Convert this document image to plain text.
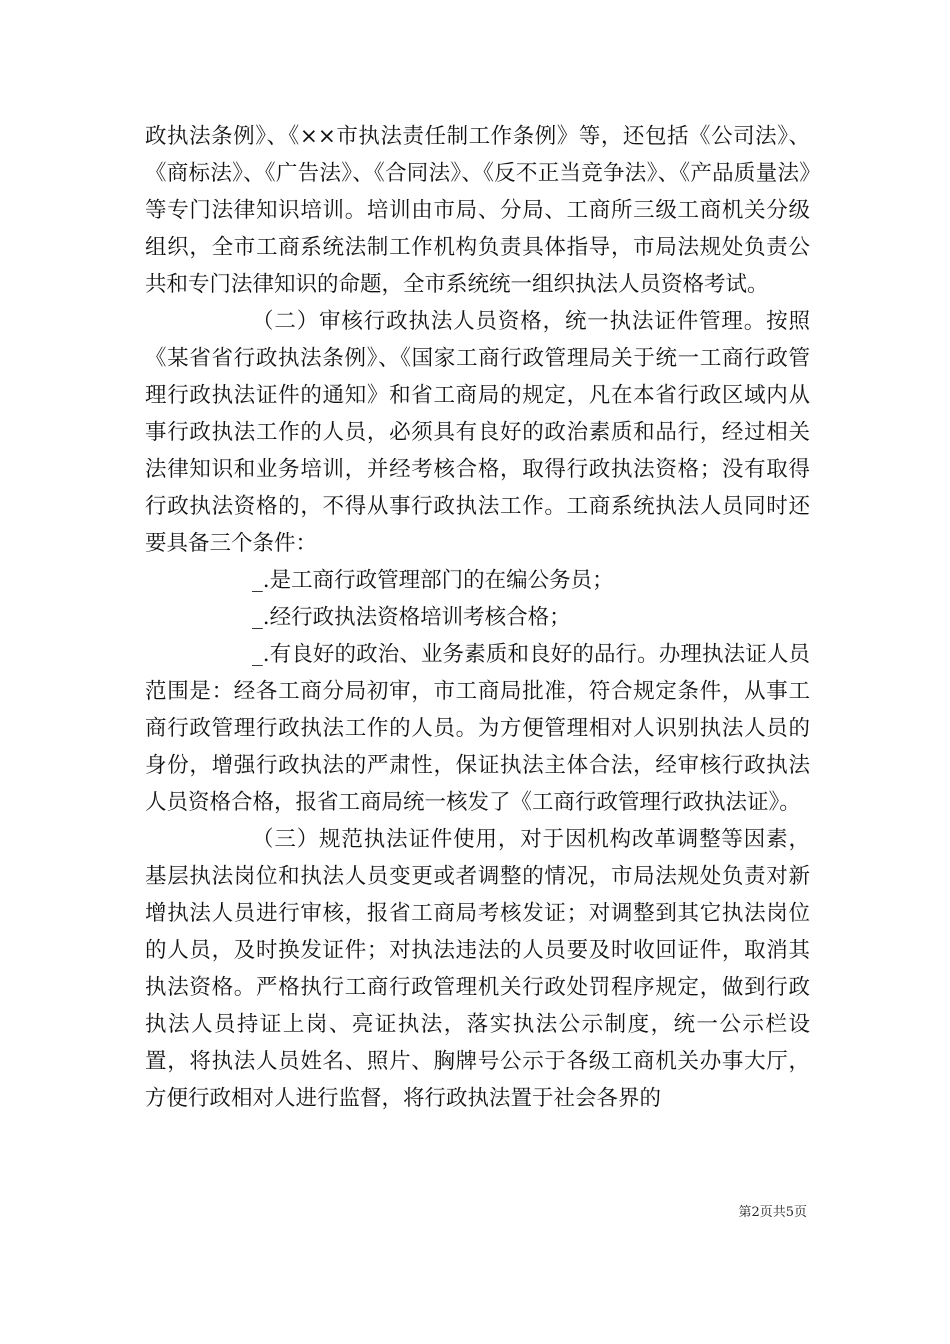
政执法条例》、《××市执法责任制工作条例》等，还包括《公司法》、《商标法》、《广告法》、《合同法》、《反不正当竞争法》、《产品质量法》等专门法律知识培训。培训由市局、分局、工商所三级工商机关分级组织，全市工商系统法制工作机构负责具体指导，市局法规处负责公共和专门法律知识的命题，全市系统统一组织执法人员资格考试。

（二）审核行政执法人员资格，统一执法证件管理。按照《某省省行政执法条例》、《国家工商行政管理局关于统一工商行政管理行政执法证件的通知》和省工商局的规定，凡在本省行政区域内从事行政执法工作的人员，必须具有良好的政治素质和品行，经过相关法律知识和业务培训，并经考核合格，取得行政执法资格；没有取得行政执法资格的，不得从事行政执法工作。工商系统执法人员同时还要具备三个条件：

_.是工商行政管理部门的在编公务员；

_.经行政执法资格培训考核合格；

_.有良好的政治、业务素质和良好的品行。办理执法证人员范围是：经各工商分局初审，市工商局批准，符合规定条件，从事工商行政管理行政执法工作的人员。为方便管理相对人识别执法人员的身份，增强行政执法的严肃性，保证执法主体合法，经审核行政执法人员资格合格，报省工商局统一核发了《工商行政管理行政执法证》。

（三）规范执法证件使用，对于因机构改革调整等因素，基层执法岗位和执法人员变更或者调整的情况，市局法规处负责对新增执法人员进行审核，报省工商局考核发证；对调整到其它执法岗位的人员，及时换发证件；对执法违法的人员要及时收回证件，取消其执法资格。严格执行工商行政管理机关行政处罚程序规定，做到行政执法人员持证上岗、亮证执法，落实执法公示制度，统一公示栏设置，将执法人员姓名、照片、胸牌号公示于各级工商机关办事大厅，方便行政相对人进行监督，将行政执法置于社会各界的

第2页共5页
